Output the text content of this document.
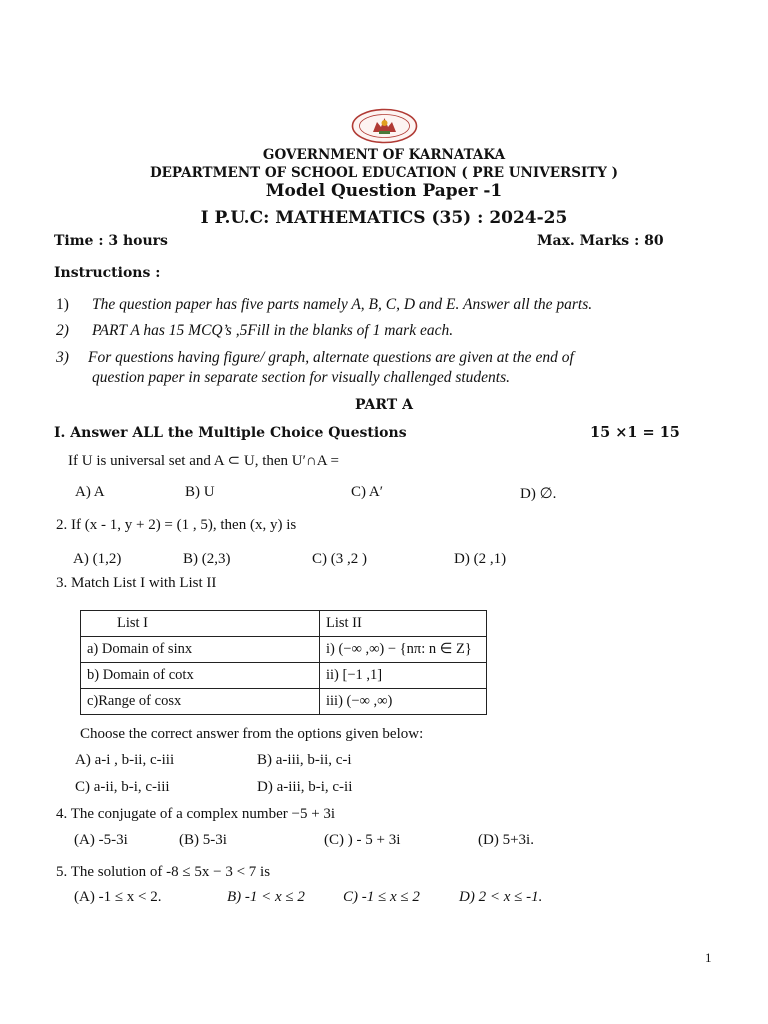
GOVERNMENT OF KARNATAKA
DEPARTMENT OF SCHOOL EDUCATION ( PRE UNIVERSITY )
Model Question Paper -1
I P.U.C: MATHEMATICS (35) : 2024-25
Time : 3 hours	Max. Marks : 80
Instructions :
1) The question paper has five parts namely A, B, C, D and E. Answer all the parts.
2) PART A has 15 MCQ’s ,5Fill in the blanks of 1 mark each.
3) For questions having figure/ graph, alternate questions are given at the end of
question paper in separate section for visually challenged students.
PART A
I. Answer ALL the Multiple Choice Questions	15 ×1 = 15
If U is universal set and A ⊂ U, then U′∩A =
A) A	B) U	C) A′	D) ∅.
2. If (x - 1, y + 2) = (1 , 5), then (x, y) is
A) (1,2)	B) (2,3)	C) (3 ,2 )	D) (2 ,1)
3. Match List I with List II
List I	List II
a) Domain of sinx	i) (−∞ ,∞) − {nπ: n ∈ Z}
b) Domain of cotx	ii) [−1 ,1]
c)Range of cosx	iii) (−∞ ,∞)
Choose the correct answer from the options given below:
A) a-i , b-ii, c-iii	B) a-iii, b-ii, c-i
C) a-ii, b-i, c-iii	D) a-iii, b-i, c-ii
4. The conjugate of a complex number −5 + 3i
(A) -5-3i	(B) 5-3i	(C) ) - 5 + 3i	(D) 5+3i.
5. The solution of -8 ≤ 5x − 3 < 7 is
(A) -1 ≤ x < 2.	B) -1 < x ≤ 2	C) -1 ≤ x ≤ 2	D) 2 < x ≤ -1.
1
